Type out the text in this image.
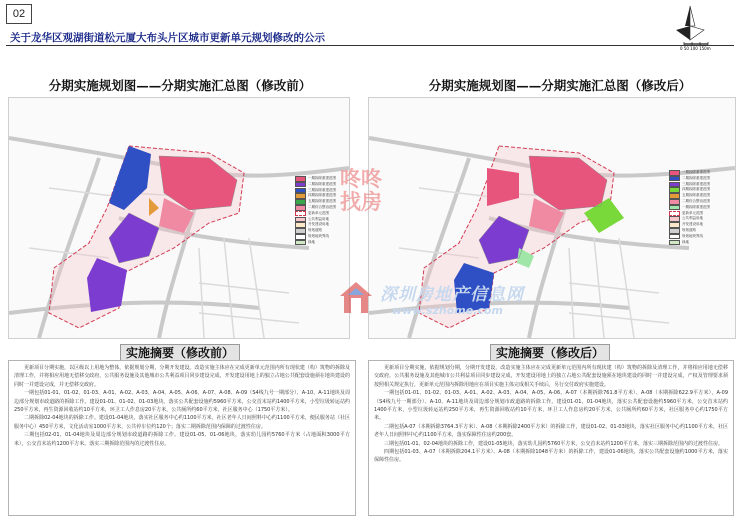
02
关于龙华区观湖街道松元厦大布头片区城市更新单元规划修改的公示
0 50 100 150m
分期实施规划图——分期实施汇总图（修改前）
一期拆除重建范围
二期拆除重建范围
三期拆除重建范围
四期拆除重建范围
五期拆除重建范围
二期综合整治范围
更新单元范围
公共利益用地
开发建设用地
规划道路
规划地块界线
绿地
分期实施规划图——分期实施汇总图（修改后）
一期拆除重建范围
二期拆除重建范围
三期拆除重建范围
四期拆除重建范围
五期拆除重建范围
二期综合整治范围
一期拆除重建范围
更新单元范围
公共利益用地
开发建设用地
规划道路
规划地块界线
绿地
咚咚找房
深圳房地产信息网
www.szhome.com
实施摘要（修改前）

更新项目分期实施，以区级以上用地为整体，依据规划分期，分期开发建设。改造实施主体应在完成更新单元范围内所有现状建（构）筑物的拆除及清理工作，并将相应用地无偿移交政府，公共服务设施及其他城市公共利益项目同步建设完成，开发建设用地上的独立占地公共配套设施须在地块建设的同时一并建设完成，并无偿移交政府。

一期包括01-01、01-02、01-03、A-01、A-02、A-03、A-04、A-05、A-06、A-07、A-08、A-09（S4线九号一期部分）、A-10、A-11地块及周边部分规划市政道路的拆除工作。建设01-01、01-02、01-03地块。落实公共配套设施约5960平方米，公交首末站约1400平方米，小型垃圾转运站约250平方米，再生资源回收站约10平方米，环卫工人作息房20平方米，公共厕所约60平方米，社区服务中心（1750平方米）。

二期拆除02-04地块的拆除工作。建设01-04地块，落实社区服务中心约1100平方米，社区老年人日间照料中心约1100平方米，便民服务站（社区服务中心）450平方米，文化活动室1000平方米，公共停车位约120个；落实二期拆除范围内保障的过渡性住房。

三期包括02-01、01-04地块及周边部分规划市政道路的拆除工作。建设01-05、01-06地块，落实幼儿园约5760平方米（占地面积3000平方米），公交首末站约1200平方米。落实三期拆除范围内的过渡性住房。

实施摘要（修改后）

更新项目分期实施，依据规划分期，分期开发建设，改造实施主体应在完成更新单元范围内所有现状建（构）筑物的拆除及清理工作，并将相应用地无偿移交政府，公共服务设施及其他城市公共利益项目同步建设完成，开发建设用地上的独立占地公共配套设施须在地块建设的同时一并建设完成，产权及管理要求须按照相关规定执行，更新单元范围内拆除用地应在项目实施主体完成相关手续后，另行交付政府实施建设。

一期包括01-01、01-02、01-03、A-01、A-02、A-03、A-04、A-05、A-06、A-07（本期拆除761.8平方米）、A-08（本期拆除622.9平方米），A-09（S4线九号一期部分）、A-10、A-11地块及周边部分规划市政道路的拆除工作。建设01-01、01-04地块，落实公共配套设施约5960平方米，公交首末站约1400平方米，小型垃圾转运站约250平方米，再生资源回收站约10平方米，环卫工人作息房约20平方米，公共厕所约60平方米，社区服务中心约1750平方米。

二期包括A-07（本期拆除3764.3平方米）、A-08（本期拆除2400平方米）的拆除工作，建设01-02、01-03地块，落实社区服务中心约1100平方米，社区老年人日间照料中心约1100平方米，落实保障性住房约200套。

三期包括01-01、02-04地块的拆除工作，建设01-05地块，落实幼儿园约5760平方米，公交首末站约1200平方米，落实三期拆除范围内的过渡性住房。

四期包括01-03、A-07（本期拆除204.1平方米）、A-08（本期拆除1048平方米）的拆除工作，建设01-06地块，落实公共配套设施约1000平方米，落实保障性住房。
